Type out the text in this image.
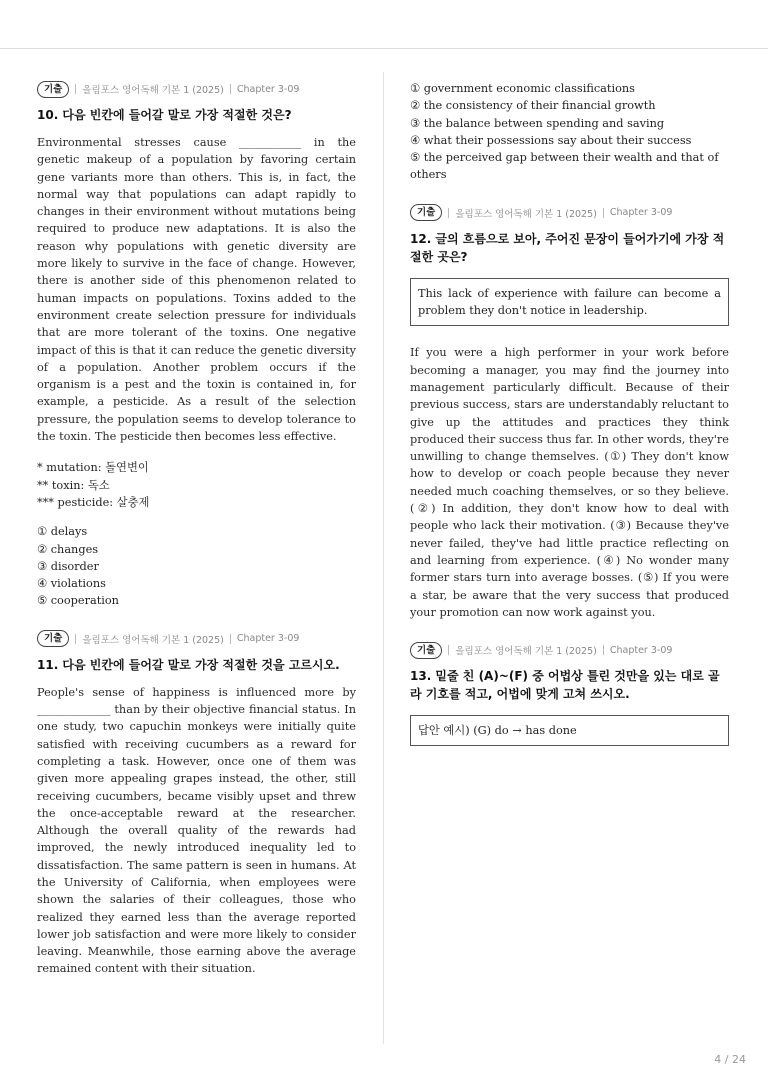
기출	올림포스 영어독해 기본 1 (2025) Chapter 3-09
10. 다음 빈칸에 들어갈 말로 가장 적절한 것은?

Environmental stresses cause ___________ in the genetic makeup of a population by favoring certain gene variants more than others. This is, in fact, the normal way that populations can adapt rapidly to changes in their environment without mutations being required to produce new adaptations. It is also the reason why populations with genetic diversity are more likely to survive in the face of change. However, there is another side of this phenomenon related to human impacts on populations. Toxins added to the environment create selection pressure for individuals that are more tolerant of the toxins. One negative impact of this is that it can reduce the genetic diversity of a population. Another problem occurs if the organism is a pest and the toxin is contained in, for example, a pesticide. As a result of the selection pressure, the population seems to develop tolerance to the toxin. The pesticide then becomes less effective.

* mutation: 돌연변이
** toxin: 독소
*** pesticide: 살충제
① delays
② changes
③ disorder
④ violations
⑤ cooperation
기출	올림포스 영어독해 기본 1 (2025) Chapter 3-09
11. 다음 빈칸에 들어갈 말로 가장 적절한 것을 고르시오.

People's sense of happiness is influenced more by _____________ than by their objective financial status. In one study, two capuchin monkeys were initially quite satisfied with receiving cucumbers as a reward for completing a task. However, once one of them was given more appealing grapes instead, the other, still receiving cucumbers, became visibly upset and threw the once-acceptable reward at the researcher. Although the overall quality of the rewards had improved, the newly introduced inequality led to dissatisfaction. The same pattern is seen in humans. At the University of California, when employees were shown the salaries of their colleagues, those who realized they earned less than the average reported lower job satisfaction and were more likely to consider leaving. Meanwhile, those earning above the average remained content with their situation.

① government economic classifications
② the consistency of their financial growth
③ the balance between spending and saving
④ what their possessions say about their success
⑤ the perceived gap between their wealth and that of others
기출	올림포스 영어독해 기본 1 (2025) Chapter 3-09
12. 글의 흐름으로 보아, 주어진 문장이 들어가기에 가장 적절한 곳은?
This lack of experience with failure can become a problem they don't notice in leadership.

If you were a high performer in your work before becoming a manager, you may find the journey into management particularly difficult. Because of their previous success, stars are understandably reluctant to give up the attitudes and practices they think produced their success thus far. In other words, they're unwilling to change themselves. (①) They don't know how to develop or coach people because they never needed much coaching themselves, or so they believe. (②) In addition, they don't know how to deal with people who lack their motivation. (③) Because they've never failed, they've had little practice reflecting on and learning from experience. (④) No wonder many former stars turn into average bosses. (⑤) If you were a star, be aware that the very success that produced your promotion can now work against you.

기출	올림포스 영어독해 기본 1 (2025) Chapter 3-09
13. 밑줄 친 (A)~(F) 중 어법상 틀린 것만을 있는 대로 골라 기호를 적고, 어법에 맞게 고쳐 쓰시오.
답안 예시) (G) do → has done
4 / 24
